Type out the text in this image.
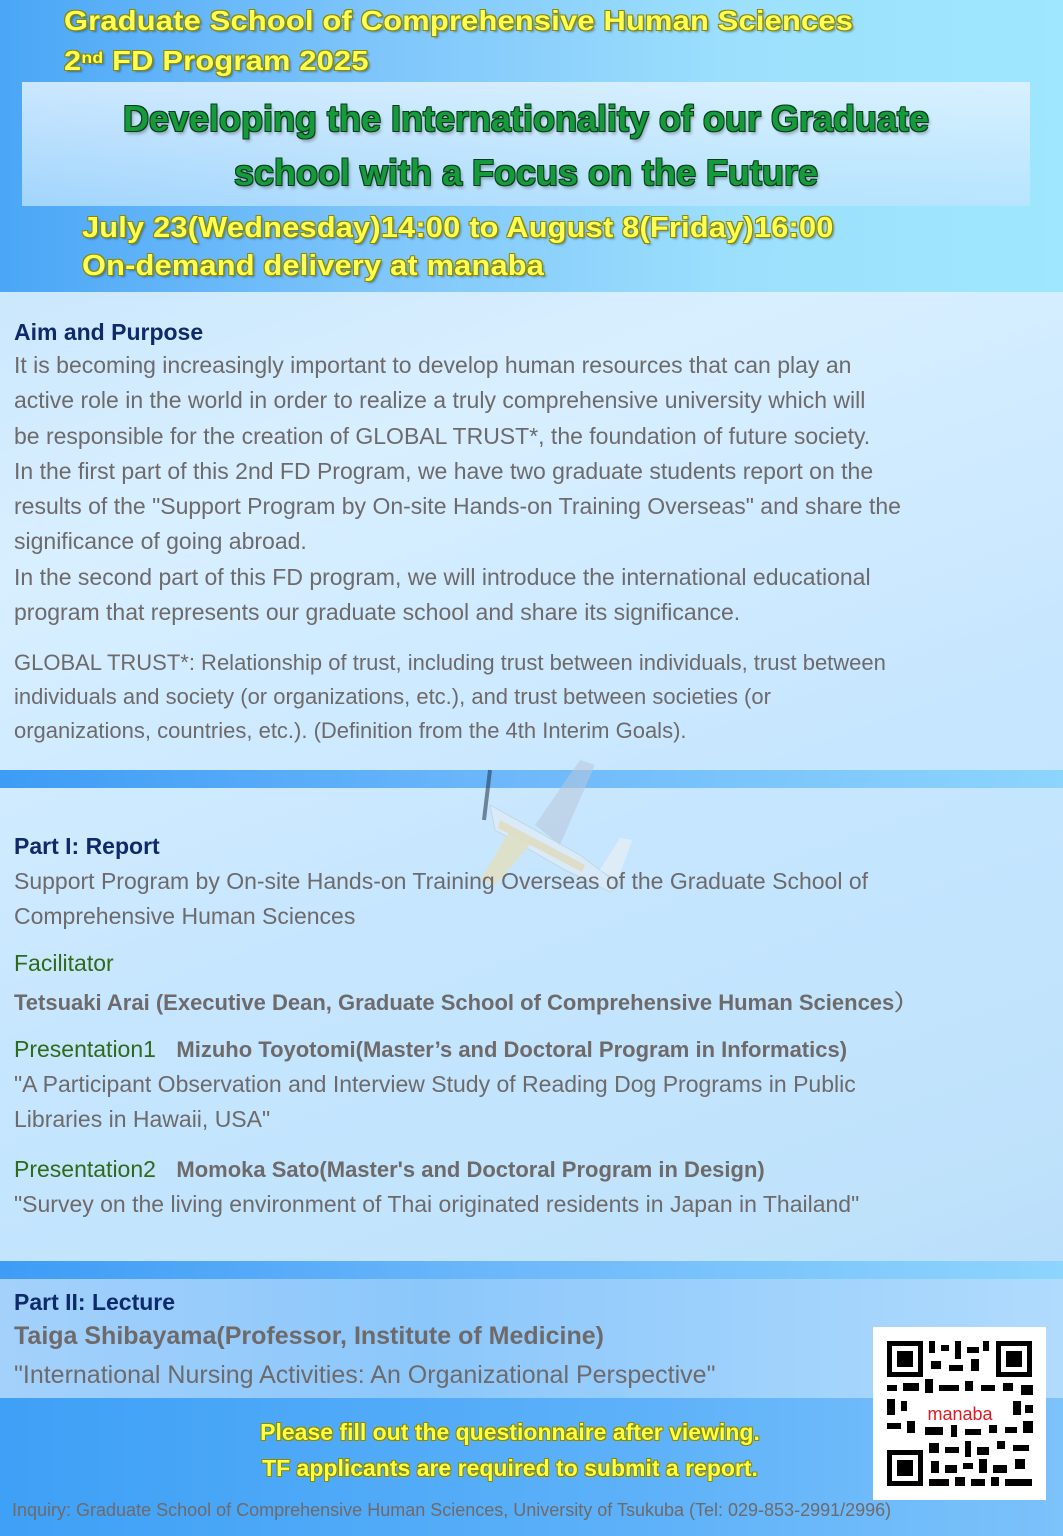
Graduate School of Comprehensive Human Sciences
2nd FD Program 2025
Developing the Internationality of our Graduate
school with a Focus on the Future
July 23(Wednesday)14:00 to August 8(Friday)16:00
On-demand delivery at manaba
Aim and Purpose
It is becoming increasingly important to develop human resources that can play an
active role in the world in order to realize a truly comprehensive university which will
be responsible for the creation of GLOBAL TRUST*, the foundation of future society.
In the first part of this 2nd FD Program, we have two graduate students report on the
results of the "Support Program by On-site Hands-on Training Overseas" and share the
significance of going abroad.
In the second part of this FD program, we will introduce the international educational
program that represents our graduate school and share its significance.
GLOBAL TRUST*: Relationship of trust, including trust between individuals, trust between
individuals and society (or organizations, etc.), and trust between societies (or
organizations, countries, etc.). (Definition from the 4th Interim Goals).
Part I: Report
Support Program by On-site Hands-on Training Overseas of the Graduate School of
Comprehensive Human Sciences
Facilitator
Tetsuaki Arai (Executive Dean, Graduate School of Comprehensive Human Sciences）
Presentation1 Mizuho Toyotomi(Master’s and Doctoral Program in Informatics)
"A Participant Observation and Interview Study of Reading Dog Programs in Public
Libraries in Hawaii, USA"
Presentation2 Momoka Sato(Master's and Doctoral Program in Design)
"Survey on the living environment of Thai originated residents in Japan in Thailand"
Part II: Lecture
Taiga Shibayama(Professor, Institute of Medicine)
"International Nursing Activities: An Organizational Perspective"
Please fill out the questionnaire after viewing.
TF applicants are required to submit a report.
manaba
Inquiry: Graduate School of Comprehensive Human Sciences, University of Tsukuba (Tel: 029-853-2991/2996)
